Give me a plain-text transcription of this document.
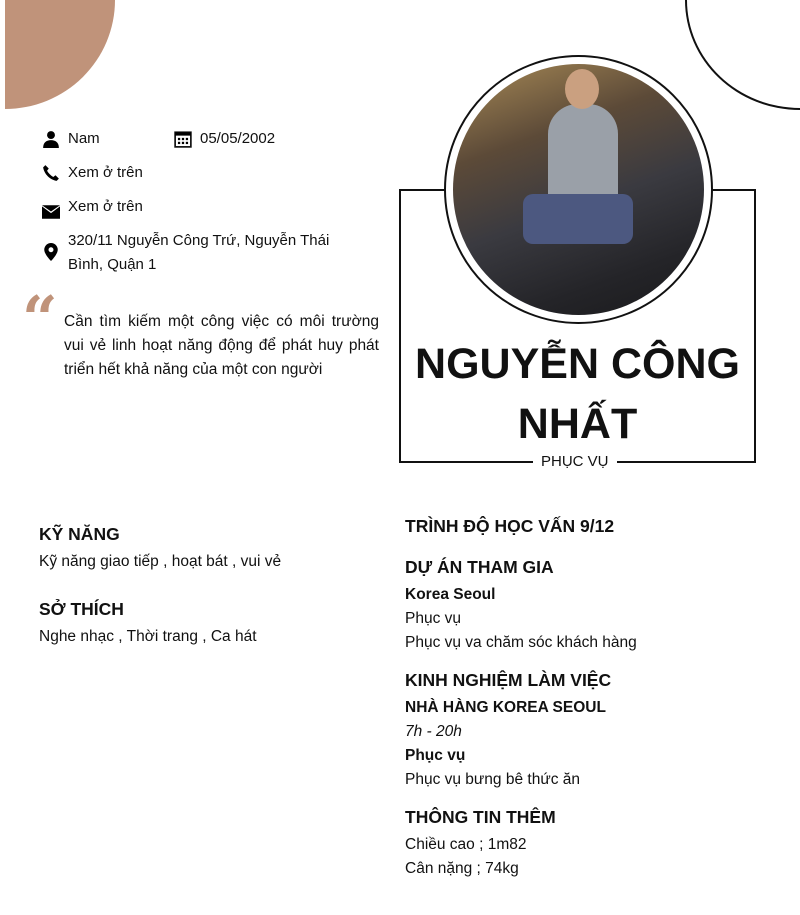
Nam	05/05/2002
Xem ở trên
Xem ở trên
320/11 Nguyễn Công Trứ, Nguyễn Thái Bình, Quận 1
“ Cần tìm kiếm một công việc có môi trường vui vẻ linh hoạt năng động để phát huy phát triển hết khả năng của một con người	NGUYỄN CÔNG NHẤT
PHỤC VỤ
KỸ NĂNG
Kỹ năng giao tiếp , hoạt bát , vui vẻ
SỞ THÍCH
Nghe nhạc , Thời trang , Ca hát
TRÌNH ĐỘ HỌC VẤN 9/12
DỰ ÁN THAM GIA
Korea Seoul
Phục vụ
Phục vụ va chăm sóc khách hàng
KINH NGHIỆM LÀM VIỆC
NHÀ HÀNG KOREA SEOUL
7h - 20h
Phục vụ
Phục vụ bưng bê thức ăn
THÔNG TIN THÊM
Chiều cao ; 1m82
Cân nặng ; 74kg
